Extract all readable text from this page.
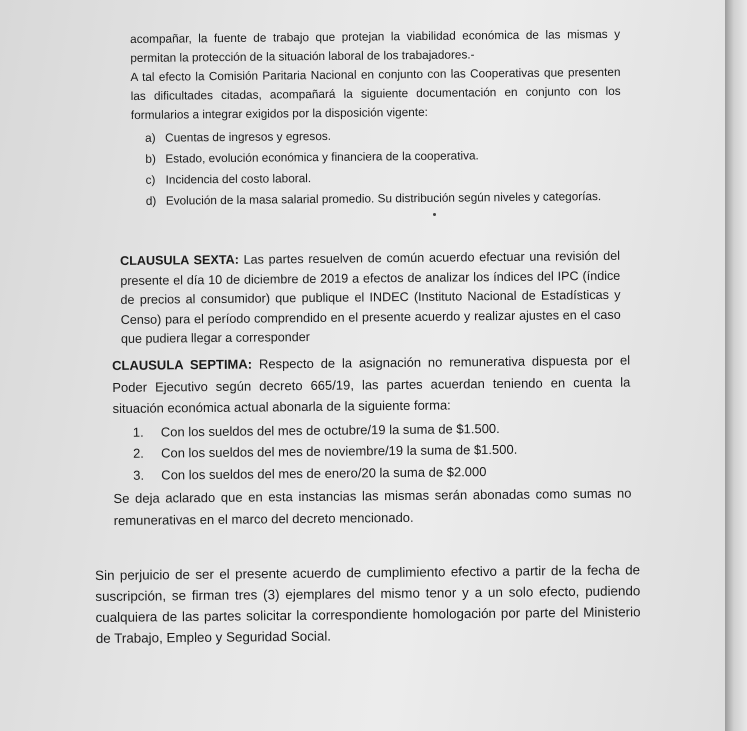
acompañar, la fuente de trabajo que protejan la viabilidad económica de las mismas y permitan la protección de la situación laboral de los trabajadores.-
A tal efecto la Comisión Paritaria Nacional en conjunto con las Cooperativas que presenten las dificultades citadas, acompañará la siguiente documentación en conjunto con los formularios a integrar exigidos por la disposición vigente:
a) Cuentas de ingresos y egresos.
b) Estado, evolución económica y financiera de la cooperativa.
c) Incidencia del costo laboral.
d) Evolución de la masa salarial promedio. Su distribución según niveles y categorías.
CLAUSULA SEXTA: Las partes resuelven de común acuerdo efectuar una revisión del presente el día 10 de diciembre de 2019 a efectos de analizar los índices del IPC (índice de precios al consumidor) que publique el INDEC (Instituto Nacional de Estadísticas y Censo) para el período comprendido en el presente acuerdo y realizar ajustes en el caso que pudiera llegar a corresponder
CLAUSULA SEPTIMA: Respecto de la asignación no remunerativa dispuesta por el Poder Ejecutivo según decreto 665/19, las partes acuerdan teniendo en cuenta la situación económica actual abonarla de la siguiente forma:
1.	Con los sueldos del mes de octubre/19 la suma de $1.500.
2.	Con los sueldos del mes de noviembre/19 la suma de $1.500.
3.	Con los sueldos del mes de enero/20 la suma de $2.000
Se deja aclarado que en esta instancias las mismas serán abonadas como sumas no remunerativas en el marco del decreto mencionado.
Sin perjuicio de ser el presente acuerdo de cumplimiento efectivo a partir de la fecha de suscripción, se firman tres (3) ejemplares del mismo tenor y a un solo efecto, pudiendo cualquiera de las partes solicitar la correspondiente homologación por parte del Ministerio de Trabajo, Empleo y Seguridad Social.
